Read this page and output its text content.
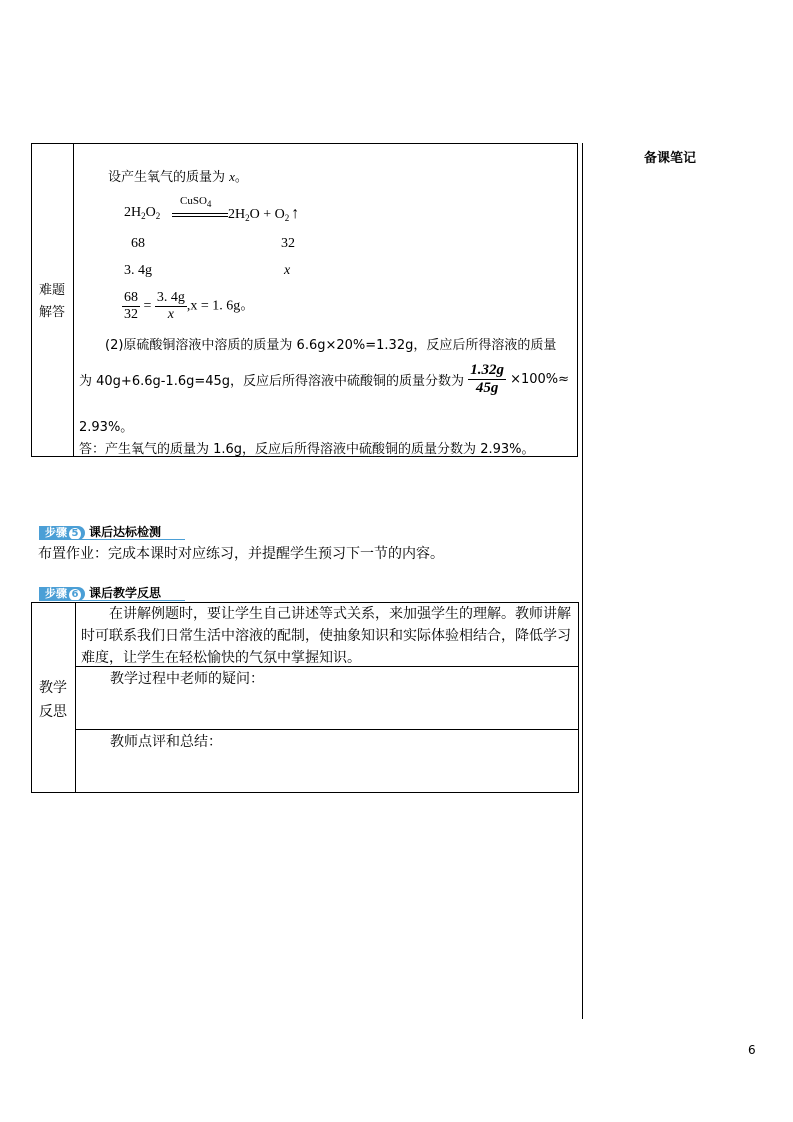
备课笔记
难题
解答
设产生氧气的质量为 x。
$2H_2O_2$
CuSO$_4$
$2H_2O + O_2$ ↑
68	32
3. 4g	x
$\frac{68}{32} = \frac{3. 4g}{x} ,x = 1$. 6g。
(2)原硫酸铜溶液中溶质的质量为 6.6g×20%=1.32g，反应后所得溶液的质量
为 40g+6.6g-1.6g=45g，反应后所得溶液中硫酸铜的质量分数为 $\frac{1.32g}{45g} \times 100\%\approx$
2.93%。
答：产生氧气的质量为 1.6g，反应后所得溶液中硫酸铜的质量分数为 2.93%。
步骤 5 课后达标检测
布置作业：完成本课时对应练习，并提醒学生预习下一节的内容。
步骤 6 课后教学反思
教学
反思
在讲解例题时，要让学生自己讲述等式关系，来加强学生的理解。教师讲解
时可联系我们日常生活中溶液的配制，使抽象知识和实际体验相结合，降低学习
难度，让学生在轻松愉快的气氛中掌握知识。
教学过程中老师的疑问：
教师点评和总结：
6
